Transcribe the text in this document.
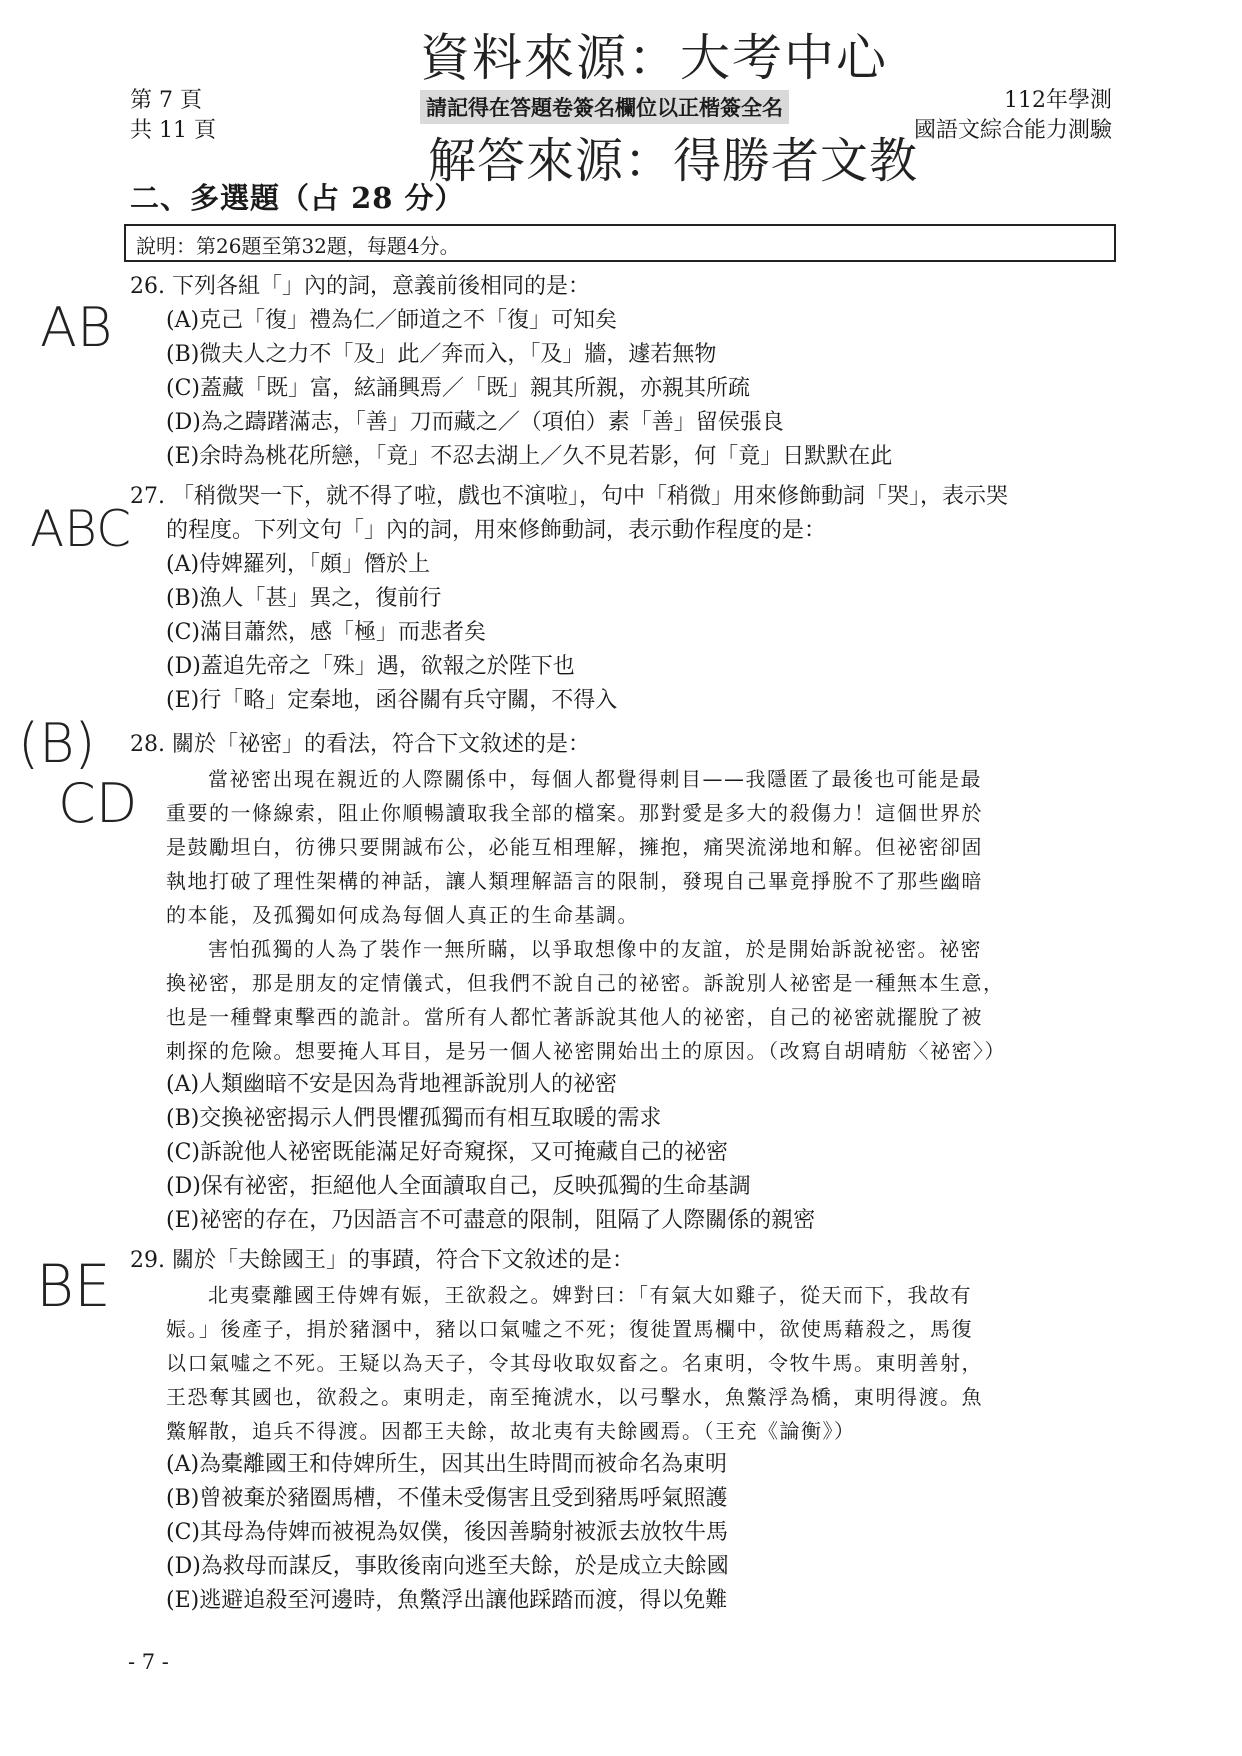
第 7 頁
共 11 頁
資料來源：大考中心
請記得在答題卷簽名欄位以正楷簽全名
解答來源：得勝者文教
112年學測
國語文綜合能力測驗
二、多選題（占 28 分）
說明：第26題至第32題，每題4分。
AB
26. 下列各組「」內的詞，意義前後相同的是：
(A)克己「復」禮為仁／師道之不「復」可知矣
(B)微夫人之力不「及」此／奔而入，「及」牆，遽若無物
(C)蓋藏「既」富，絃誦興焉／「既」親其所親，亦親其所疏
(D)為之躊躇滿志，「善」刀而藏之／（項伯）素「善」留侯張良
(E)余時為桃花所戀，「竟」不忍去湖上／久不見若影，何「竟」日默默在此
ABC
27. 「稍微哭一下，就不得了啦，戲也不演啦」，句中「稍微」用來修飾動詞「哭」，表示哭
的程度。下列文句「」內的詞，用來修飾動詞，表示動作程度的是：
(A)侍婢羅列，「頗」僭於上
(B)漁人「甚」異之，復前行
(C)滿目蕭然，感「極」而悲者矣
(D)蓋追先帝之「殊」遇，欲報之於陛下也
(E)行「略」定秦地，函谷關有兵守關，不得入
(B)
CD
28. 關於「祕密」的看法，符合下文敘述的是：
當祕密出現在親近的人際關係中，每個人都覺得刺目——我隱匿了最後也可能是最
重要的一條線索，阻止你順暢讀取我全部的檔案。那對愛是多大的殺傷力！這個世界於
是鼓勵坦白，彷彿只要開誠布公，必能互相理解，擁抱，痛哭流涕地和解。但祕密卻固
執地打破了理性架構的神話，讓人類理解語言的限制，發現自己畢竟掙脫不了那些幽暗
的本能，及孤獨如何成為每個人真正的生命基調。
害怕孤獨的人為了裝作一無所瞞，以爭取想像中的友誼，於是開始訴說祕密。祕密
換祕密，那是朋友的定情儀式，但我們不說自己的祕密。訴說別人祕密是一種無本生意，
也是一種聲東擊西的詭計。當所有人都忙著訴說其他人的祕密，自己的祕密就擺脫了被
刺探的危險。想要掩人耳目，是另一個人祕密開始出土的原因。（改寫自胡晴舫〈祕密〉）
(A)人類幽暗不安是因為背地裡訴說別人的祕密
(B)交換祕密揭示人們畏懼孤獨而有相互取暖的需求
(C)訴說他人祕密既能滿足好奇窺探，又可掩藏自己的祕密
(D)保有祕密，拒絕他人全面讀取自己，反映孤獨的生命基調
(E)祕密的存在，乃因語言不可盡意的限制，阻隔了人際關係的親密
BE 29. 關於「夫餘國王」的事蹟，符合下文敘述的是：
北夷橐離國王侍婢有娠，王欲殺之。婢對曰：「有氣大如雞子，從天而下，我故有
娠。」後產子，捐於豬溷中，豬以口氣噓之不死；復徙置馬欄中，欲使馬藉殺之，馬復
以口氣噓之不死。王疑以為天子，令其母收取奴畜之。名東明，令牧牛馬。東明善射，
王恐奪其國也，欲殺之。東明走，南至掩淲水，以弓擊水，魚鱉浮為橋，東明得渡。魚
鱉解散，追兵不得渡。因都王夫餘，故北夷有夫餘國焉。（王充《論衡》）
(A)為橐離國王和侍婢所生，因其出生時間而被命名為東明
(B)曾被棄於豬圈馬槽，不僅未受傷害且受到豬馬呼氣照護
(C)其母為侍婢而被視為奴僕，後因善騎射被派去放牧牛馬
(D)為救母而謀反，事敗後南向逃至夫餘，於是成立夫餘國
(E)逃避追殺至河邊時，魚鱉浮出讓他踩踏而渡，得以免難
- 7 -
